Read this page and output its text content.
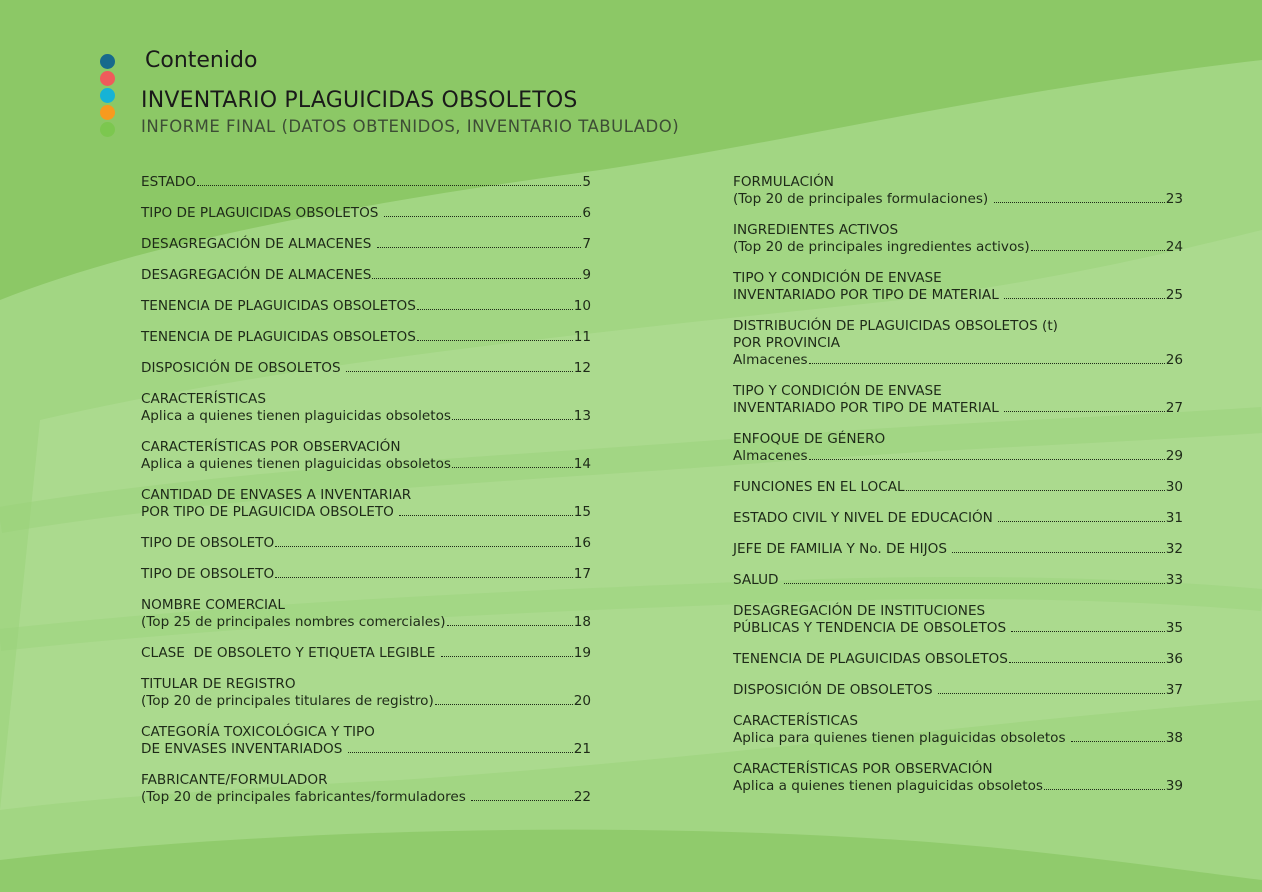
Contenido
INVENTARIO PLAGUICIDAS OBSOLETOS
INFORME FINAL (DATOS OBTENIDOS, INVENTARIO TABULADO)
ESTADO	5
TIPO DE PLAGUICIDAS OBSOLETOS	6
DESAGREGACIÓN DE ALMACENES	7
DESAGREGACIÓN DE ALMACENES	9
TENENCIA DE PLAGUICIDAS OBSOLETOS	10
TENENCIA DE PLAGUICIDAS OBSOLETOS	11
DISPOSICIÓN DE OBSOLETOS	12
CARACTERÍSTICAS
Aplica a quienes tienen plaguicidas obsoletos	13
CARACTERÍSTICAS POR OBSERVACIÓN
Aplica a quienes tienen plaguicidas obsoletos	14
CANTIDAD DE ENVASES A INVENTARIAR
POR TIPO DE PLAGUICIDA OBSOLETO	15
TIPO DE OBSOLETO	16
TIPO DE OBSOLETO	17
NOMBRE COMERCIAL
(Top 25 de principales nombres comerciales)	18
CLASE  DE OBSOLETO Y ETIQUETA LEGIBLE	19
TITULAR DE REGISTRO
(Top 20 de principales titulares de registro)	20
CATEGORÍA TOXICOLÓGICA Y TIPO
DE ENVASES INVENTARIADOS	21
FABRICANTE/FORMULADOR
(Top 20 de principales fabricantes/formuladores	22
FORMULACIÓN
(Top 20 de principales formulaciones)	23
INGREDIENTES ACTIVOS
(Top 20 de principales ingredientes activos)	24
TIPO Y CONDICIÓN DE ENVASE
INVENTARIADO POR TIPO DE MATERIAL	25
DISTRIBUCIÓN DE PLAGUICIDAS OBSOLETOS (t)
POR PROVINCIA
Almacenes	26
TIPO Y CONDICIÓN DE ENVASE
INVENTARIADO POR TIPO DE MATERIAL	27
ENFOQUE DE GÉNERO
Almacenes	29
FUNCIONES EN EL LOCAL	30
ESTADO CIVIL Y NIVEL DE EDUCACIÓN	31
JEFE DE FAMILIA Y No. DE HIJOS	32
SALUD	33
DESAGREGACIÓN DE INSTITUCIONES
PÚBLICAS Y TENDENCIA DE OBSOLETOS	35
TENENCIA DE PLAGUICIDAS OBSOLETOS	36
DISPOSICIÓN DE OBSOLETOS	37
CARACTERÍSTICAS
Aplica para quienes tienen plaguicidas obsoletos	38
CARACTERÍSTICAS POR OBSERVACIÓN
Aplica a quienes tienen plaguicidas obsoletos	39
